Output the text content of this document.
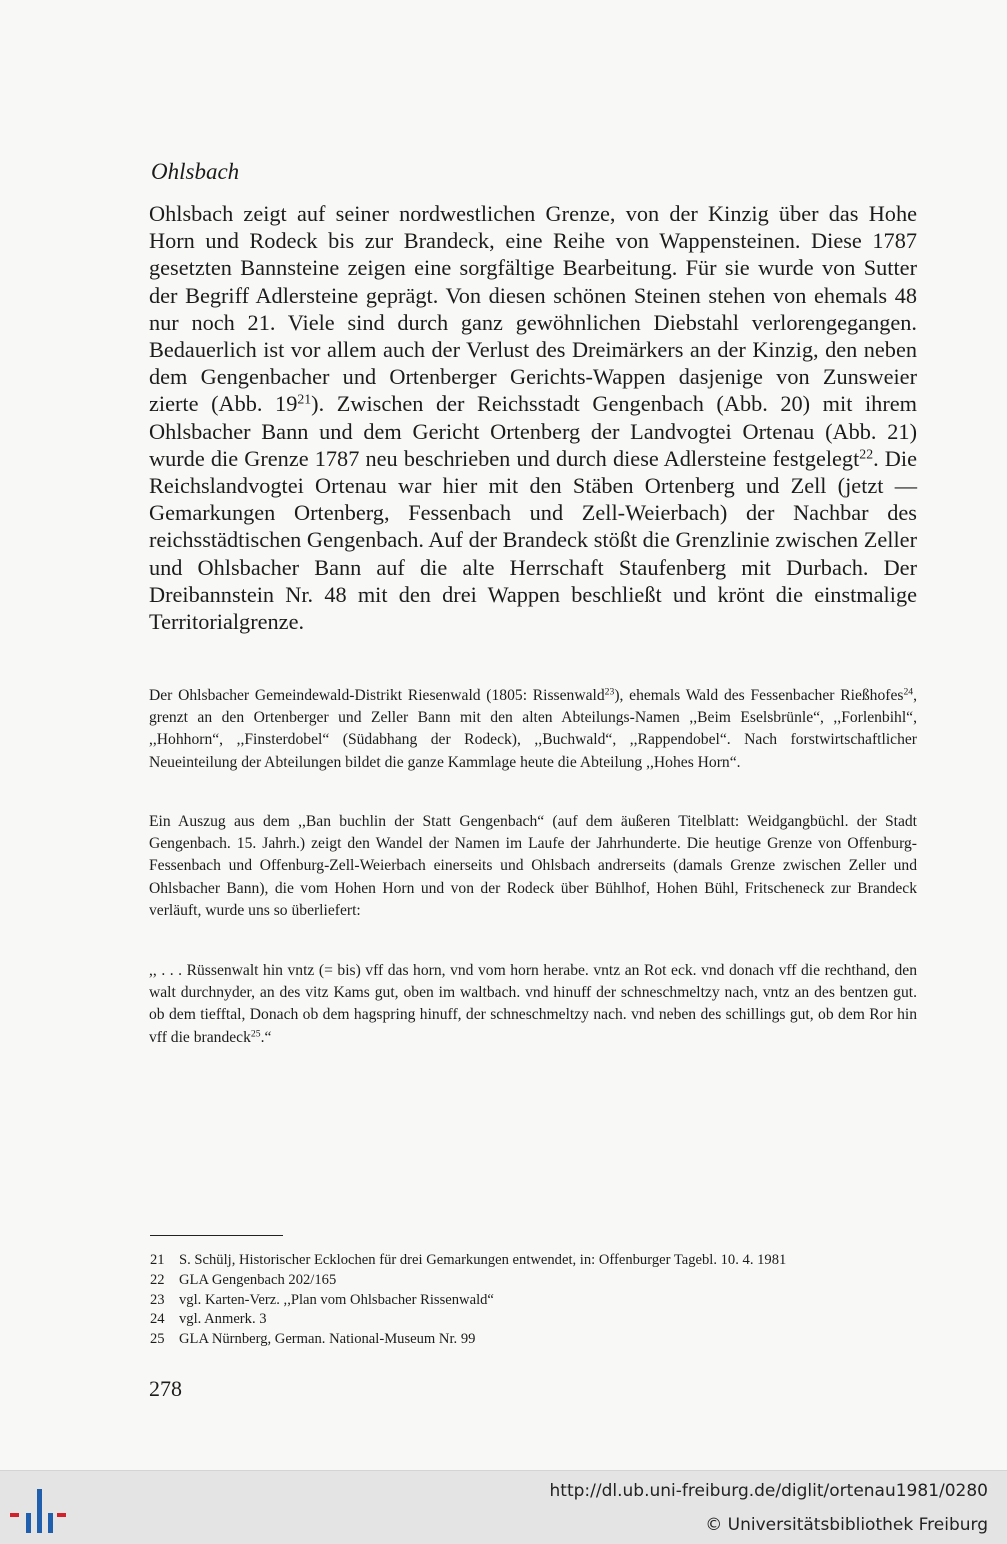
Ohlsbach
Ohlsbach zeigt auf seiner nordwestlichen Grenze, von der Kinzig über das Hohe Horn und Rodeck bis zur Brandeck, eine Reihe von Wappensteinen. Diese 1787 gesetzten Bannsteine zeigen eine sorgfältige Bearbeitung. Für sie wurde von Sutter der Begriff Adlersteine geprägt. Von diesen schönen Steinen stehen von ehemals 48 nur noch 21. Viele sind durch ganz gewöhnlichen Diebstahl verlorengegangen. Bedauerlich ist vor allem auch der Verlust des Dreimärkers an der Kinzig, den neben dem Gengenbacher und Ortenberger Gerichts-Wappen dasjenige von Zunsweier zierte (Abb. $19^{21}$). Zwischen der Reichsstadt Gengenbach (Abb. 20) mit ihrem Ohlsbacher Bann und dem Gericht Ortenberg der Landvogtei Ortenau (Abb. 21) wurde die Grenze 1787 neu beschrieben und durch diese Adlersteine festgelegt$^{22}$. Die Reichslandvogtei Ortenau war hier mit den Stäben Ortenberg und Zell (jetzt — Gemarkungen Ortenberg, Fessenbach und Zell-Weierbach) der Nachbar des reichsstädtischen Gengenbach. Auf der Brandeck stößt die Grenzlinie zwischen Zeller und Ohlsbacher Bann auf die alte Herrschaft Staufenberg mit Durbach. Der Dreibannstein Nr. 48 mit den drei Wappen beschließt und krönt die einstmalige Territorialgrenze.
Der Ohlsbacher Gemeindewald-Distrikt Riesenwald (1805: Rissenwald$^{23}$), ehemals Wald des Fessenbacher Rießhofes$^{24}$, grenzt an den Ortenberger und Zeller Bann mit den alten Abteilungs-Namen ,,Beim Eselsbrünle“, ,,Forlenbihl“, ,,Hohhorn“, ,,Finsterdobel“ (Südabhang der Rodeck), ,,Buchwald“, ,,Rappendobel“. Nach forstwirtschaftlicher Neueinteilung der Abteilungen bildet die ganze Kammlage heute die Abteilung ,,Hohes Horn“.
Ein Auszug aus dem ,,Ban buchlin der Statt Gengenbach“ (auf dem äußeren Titelblatt: Weidgangbüchl. der Stadt Gengenbach. 15. Jahrh.) zeigt den Wandel der Namen im Laufe der Jahrhunderte. Die heutige Grenze von Offenburg-Fessenbach und Offenburg-Zell-Weierbach einerseits und Ohlsbach andrerseits (damals Grenze zwischen Zeller und Ohlsbacher Bann), die vom Hohen Horn und von der Rodeck über Bühlhof, Hohen Bühl, Fritscheneck zur Brandeck verläuft, wurde uns so überliefert:
,, . . . Rüssenwalt hin vntz (= bis) vff das horn, vnd vom horn herabe. vntz an Rot eck. vnd donach vff die rechthand, den walt durchnyder, an des vitz Kams gut, oben im waltbach. vnd hinuff der schneschmeltzy nach, vntz an des bentzen gut. ob dem tiefftal, Donach ob dem hagspring hinuff, der schneschmeltzy nach. vnd neben des schillings gut, ob dem Ror hin vff die brandeck$^{25}$.“
21 S. Schülj, Historischer Ecklochen für drei Gemarkungen entwendet, in: Offenburger Tagebl. 10. 4. 1981
22 GLA Gengenbach 202/165
23 vgl. Karten-Verz. ,,Plan vom Ohlsbacher Rissenwald“
24 vgl. Anmerk. 3
25 GLA Nürnberg, German. National-Museum Nr. 99
278
http://dl.ub.uni-freiburg.de/diglit/ortenau1981/0280
© Universitätsbibliothek Freiburg
